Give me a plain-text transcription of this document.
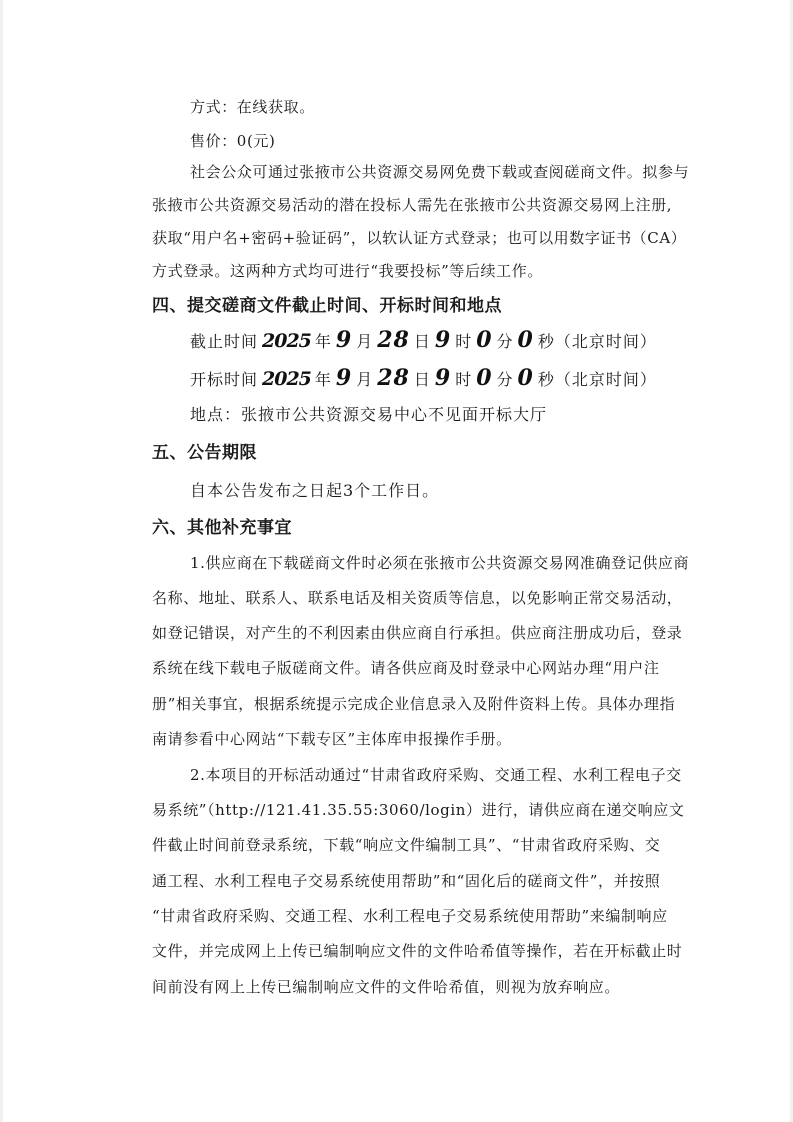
方式：在线获取。
售价：0(元)
社会公众可通过张掖市公共资源交易网免费下载或查阅磋商文件。拟参与
张掖市公共资源交易活动的潜在投标人需先在张掖市公共资源交易网上注册,
获取“用户名+密码+验证码”，以软认证方式登录；也可以用数字证书（CA）
方式登录。这两种方式均可进行“我要投标”等后续工作。
四、提交磋商文件截止时间、开标时间和地点
截止时间 2025 年 9 月 28 日 9 时 0 分 0 秒（北京时间）
开标时间 2025 年 9 月 28 日 9 时 0 分 0 秒（北京时间）
地点：张掖市公共资源交易中心不见面开标大厅
五、公告期限
自本公告发布之日起3个工作日。
六、其他补充事宜
1.供应商在下载磋商文件时必须在张掖市公共资源交易网准确登记供应商
名称、地址、联系人、联系电话及相关资质等信息，以免影响正常交易活动，
如登记错误，对产生的不利因素由供应商自行承担。供应商注册成功后，登录
系统在线下载电子版磋商文件。请各供应商及时登录中心网站办理“用户注
册”相关事宜，根据系统提示完成企业信息录入及附件资料上传。具体办理指
南请参看中心网站“下载专区”主体库申报操作手册。
2.本项目的开标活动通过“甘肃省政府采购、交通工程、水利工程电子交
易系统”（http://121.41.35.55:3060/login）进行，请供应商在递交响应文
件截止时间前登录系统，下载“响应文件编制工具”、“甘肃省政府采购、交
通工程、水利工程电子交易系统使用帮助”和“固化后的磋商文件”，并按照
“甘肃省政府采购、交通工程、水利工程电子交易系统使用帮助”来编制响应
文件，并完成网上上传已编制响应文件的文件哈希值等操作，若在开标截止时
间前没有网上上传已编制响应文件的文件哈希值，则视为放弃响应。
